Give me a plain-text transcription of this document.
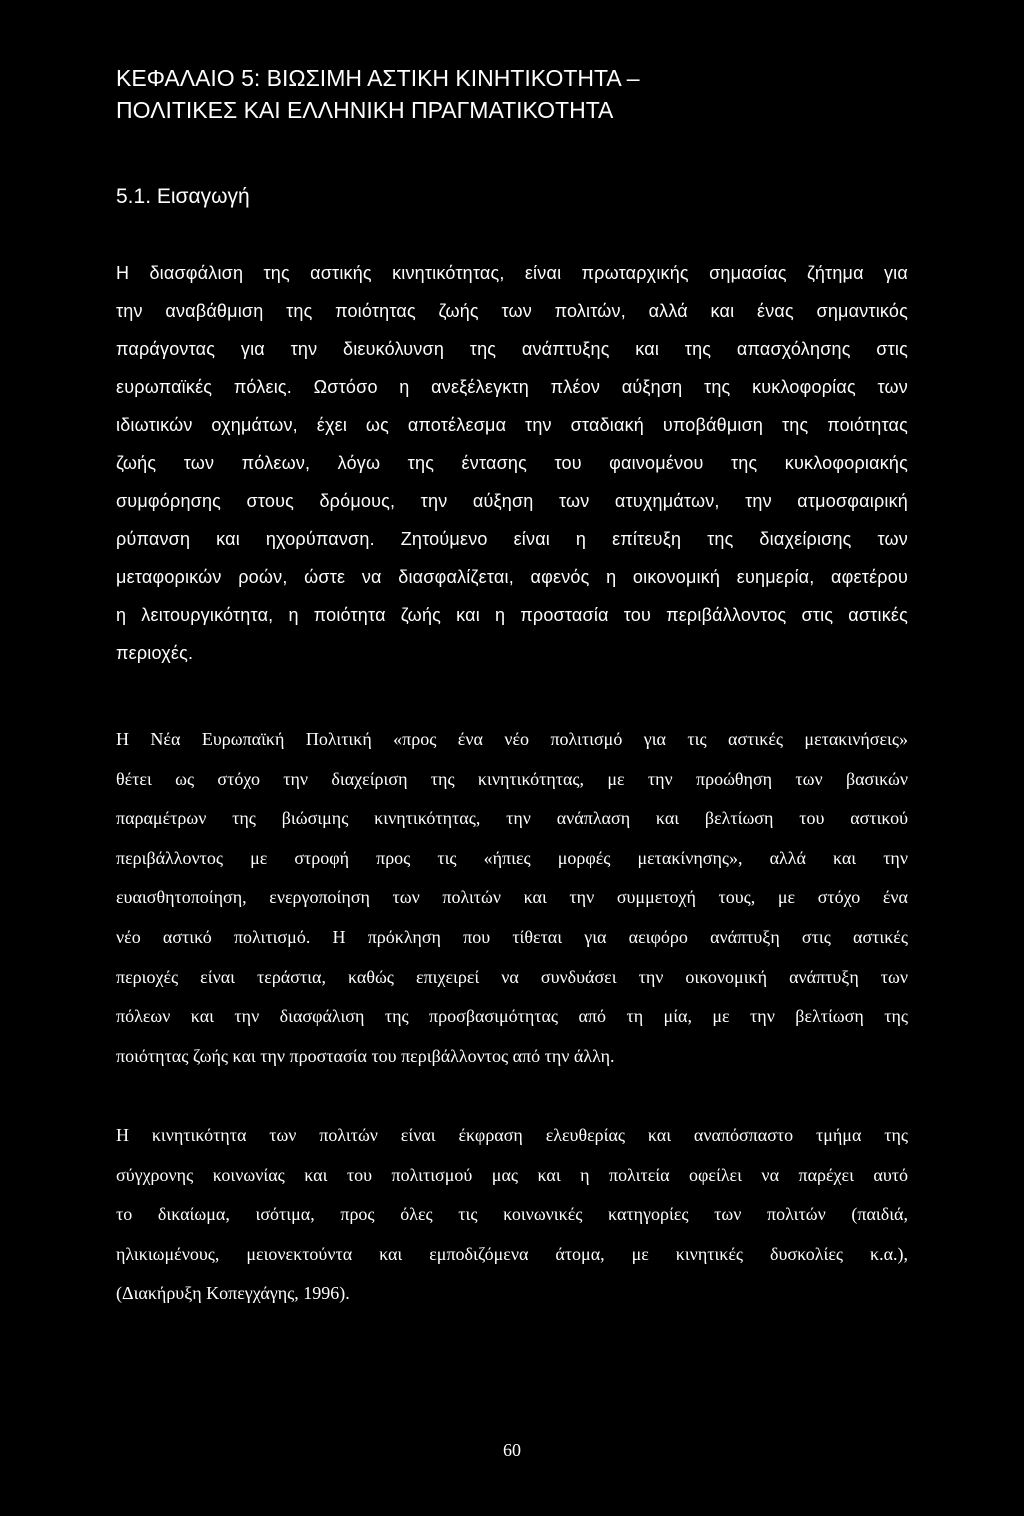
ΚΕΦΑΛΑΙΟ 5: ΒΙΩΣΙΜΗ ΑΣΤΙΚΗ ΚΙΝΗΤΙΚΟΤΗΤΑ –
ΠΟΛΙΤΙΚΕΣ ΚΑΙ ΕΛΛΗΝΙΚΗ ΠΡΑΓΜΑΤΙΚΟΤΗΤΑ
5.1. Εισαγωγή

Η διασφάλιση της αστικής κινητικότητας, είναι πρωταρχικής σημασίας ζήτημα για
την αναβάθμιση της ποιότητας ζωής των πολιτών, αλλά και ένας σημαντικός
παράγοντας για την διευκόλυνση της ανάπτυξης και της απασχόλησης στις
ευρωπαϊκές πόλεις. Ωστόσο η ανεξέλεγκτη πλέον αύξηση της κυκλοφορίας των
ιδιωτικών οχημάτων, έχει ως αποτέλεσμα την σταδιακή υποβάθμιση της ποιότητας
ζωής των πόλεων, λόγω της έντασης του φαινομένου της κυκλοφοριακής
συμφόρησης στους δρόμους, την αύξηση των ατυχημάτων, την ατμοσφαιρική
ρύπανση και ηχορύπανση. Ζητούμενο είναι η επίτευξη της διαχείρισης των
μεταφορικών ροών, ώστε να διασφαλίζεται, αφενός η οικονομική ευημερία, αφετέρου
η λειτουργικότητα, η ποιότητα ζωής και η προστασία του περιβάλλοντος στις αστικές
περιοχές.

Η Νέα Ευρωπαϊκή Πολιτική «προς ένα νέο πολιτισμό για τις αστικές μετακινήσεις»
θέτει ως στόχο την διαχείριση της κινητικότητας, με την προώθηση των βασικών
παραμέτρων της βιώσιμης κινητικότητας, την ανάπλαση και βελτίωση του αστικού
περιβάλλοντος με στροφή προς τις «ήπιες μορφές μετακίνησης», αλλά και την
ευαισθητοποίηση, ενεργοποίηση των πολιτών και την συμμετοχή τους, με στόχο ένα
νέο αστικό πολιτισμό. Η πρόκληση που τίθεται για αειφόρο ανάπτυξη στις αστικές
περιοχές είναι τεράστια, καθώς επιχειρεί να συνδυάσει την οικονομική ανάπτυξη των
πόλεων και την διασφάλιση της προσβασιμότητας από τη μία, με την βελτίωση της
ποιότητας ζωής και την προστασία του περιβάλλοντος από την άλλη.

Η κινητικότητα των πολιτών είναι έκφραση ελευθερίας και αναπόσπαστο τμήμα της
σύγχρονης κοινωνίας και του πολιτισμού μας και η πολιτεία οφείλει να παρέχει αυτό
το δικαίωμα, ισότιμα, προς όλες τις κοινωνικές κατηγορίες των πολιτών (παιδιά,
ηλικιωμένους, μειονεκτούντα και εμποδιζόμενα άτομα, με κινητικές δυσκολίες κ.α.),
(Διακήρυξη Κοπεγχάγης, 1996).

60
